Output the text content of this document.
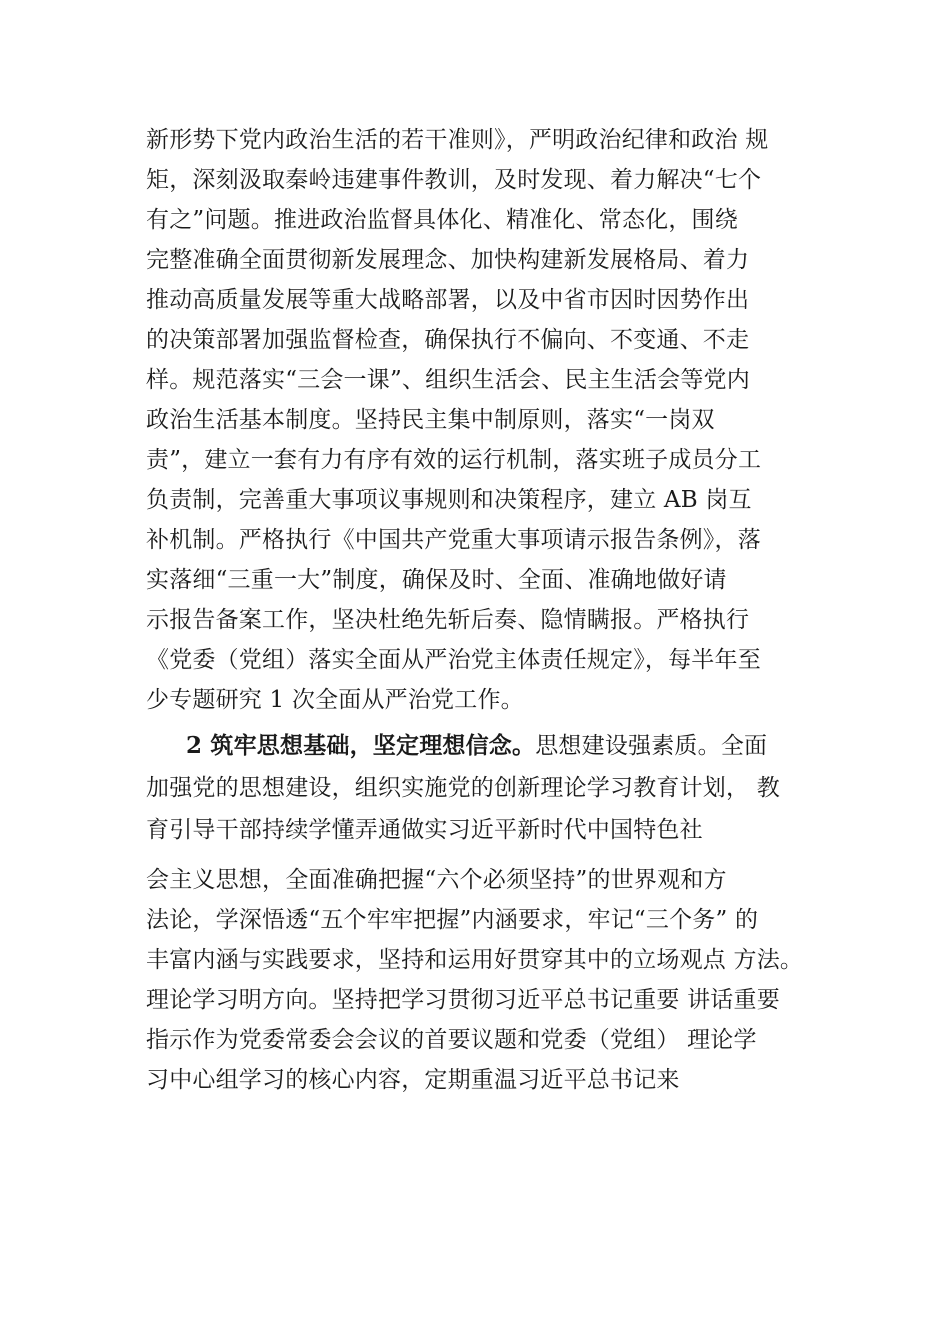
新形势下党内政治生活的若干准则》，严明政治纪律和政治 规
矩，深刻汲取秦岭违建事件教训，及时发现、着力解决“七个
有之”问题。推进政治监督具体化、精准化、常态化，围绕
完整准确全面贯彻新发展理念、加快构建新发展格局、着力
推动高质量发展等重大战略部署，以及中省市因时因势作出
的决策部署加强监督检查，确保执行不偏向、不变通、不走
样。规范落实“三会一课”、组织生活会、民主生活会等党内
政治生活基本制度。坚持民主集中制原则，落实“一岗双
责”，建立一套有力有序有效的运行机制，落实班子成员分工
负责制，完善重大事项议事规则和决策程序，建立 AB 岗互
补机制。严格执行《中国共产党重大事项请示报告条例》，落
实落细“三重一大”制度，确保及时、全面、准确地做好请
示报告备案工作，坚决杜绝先斩后奏、隐情瞒报。严格执行
《党委（党组）落实全面从严治党主体责任规定》，每半年至
少专题研究 1 次全面从严治党工作。
2 筑牢思想基础，坚定理想信念。思想建设强素质。全面
加强党的思想建设，组织实施党的创新理论学习教育计划， 教
育引导干部持续学懂弄通做实习近平新时代中国特色社
会主义思想，全面准确把握“六个必须坚持”的世界观和方
法论，学深悟透“五个牢牢把握”内涵要求，牢记“三个务” 的
丰富内涵与实践要求，坚持和运用好贯穿其中的立场观点 方法。
理论学习明方向。坚持把学习贯彻习近平总书记重要 讲话重要
指示作为党委常委会会议的首要议题和党委（党组） 理论学
习中心组学习的核心内容，定期重温习近平总书记来
